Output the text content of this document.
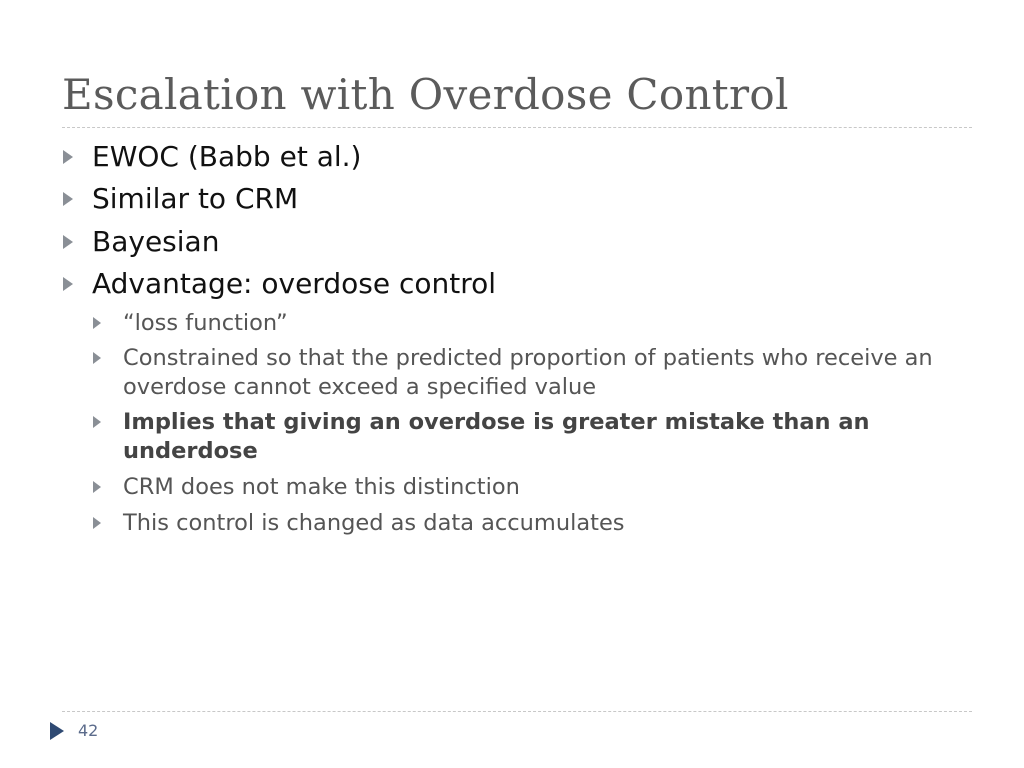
Escalation with Overdose Control
EWOC (Babb et al.)
Similar to CRM
Bayesian
Advantage: overdose control
“loss function”
Constrained so that the predicted proportion of patients who receive an overdose cannot exceed a specified value
Implies that giving an overdose is greater mistake than an underdose
CRM does not make this distinction
This control is changed as data accumulates
42
